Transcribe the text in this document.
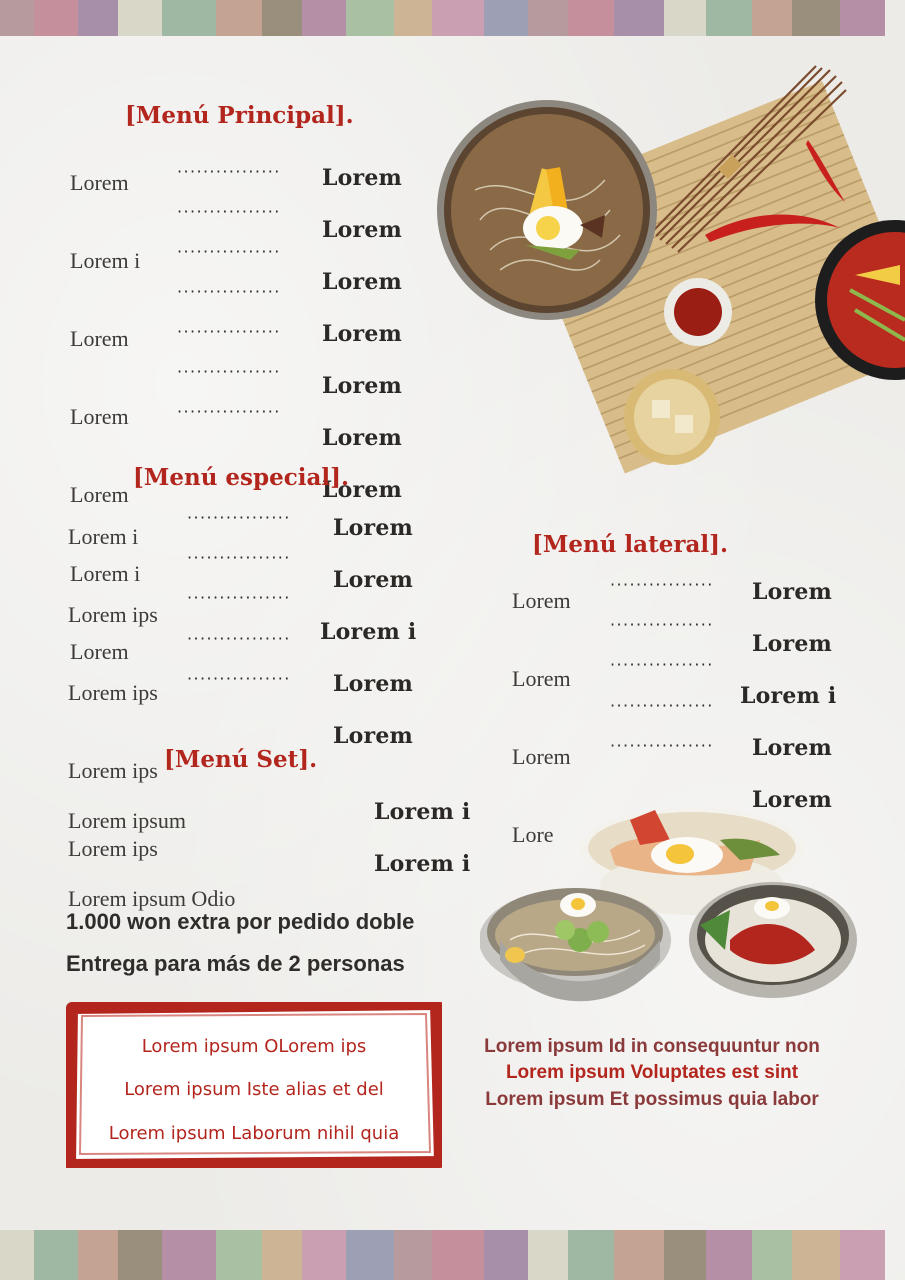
[Menú Principal].
Lorem
Lorem i
Lorem
Lorem
Lorem
················
················
················
················
················
················
················
Lorem
Lorem
Lorem
Lorem
Lorem
Lorem
Lorem
[Menú especial].
Lorem i
Lorem i
Lorem ips
Lorem
Lorem ips
················
················
················
················
················
Lorem
Lorem
Lorem i
Lorem
Lorem
[Menú lateral].
Lorem
Lorem
Lorem
Lore
················
················
················
················
················
Lorem
Lorem
Lorem i
Lorem
Lorem
[Menú Set].
Lorem ips
Lorem ipsum
Lorem ips
Lorem ipsum Odio
Lorem i
Lorem i
1.000 won extra por pedido doble
Entrega para más de 2 personas
Lorem ipsum OLorem ips
Lorem ipsum Iste alias et del
Lorem ipsum Laborum nihil quia
Lorem ipsum Id in consequuntur non
Lorem ipsum Voluptates est sint
Lorem ipsum Et possimus quia labor
